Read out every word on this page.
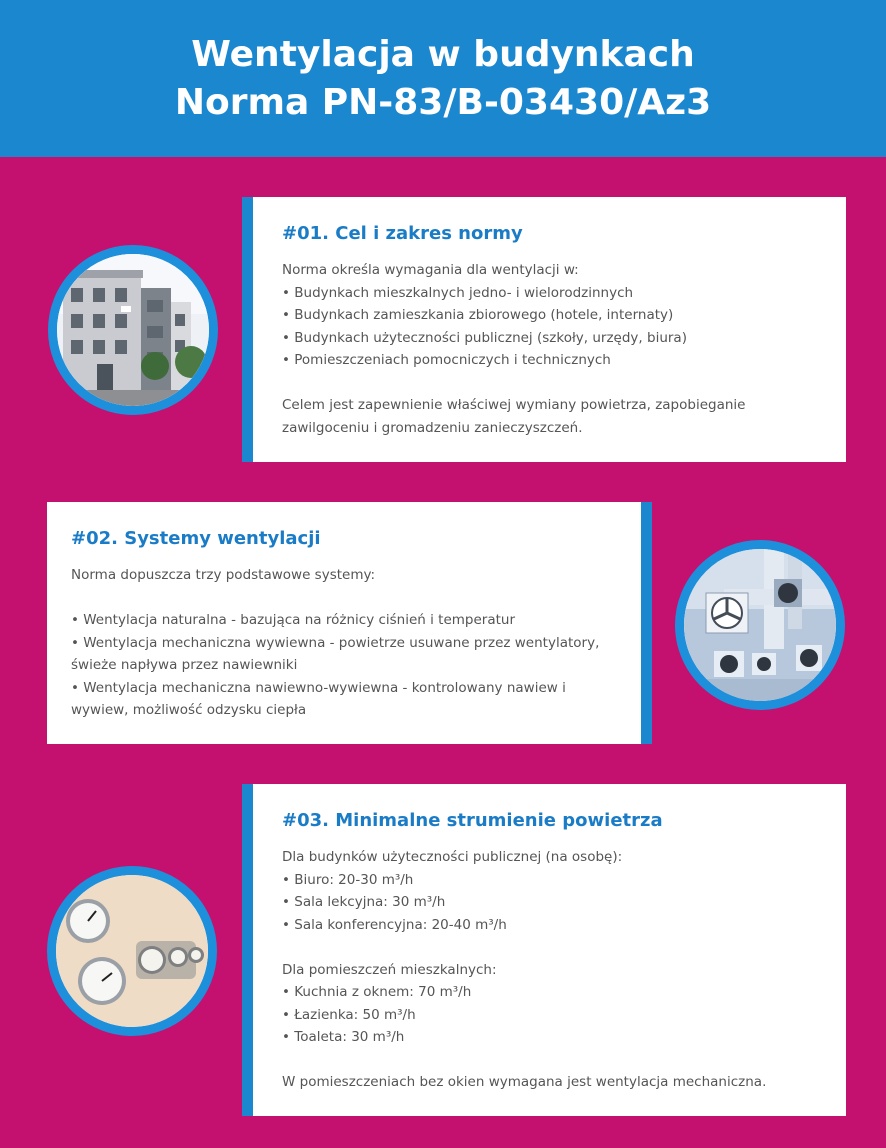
Wentylacja w budynkach
Norma PN-83/B-03430/Az3
#01. Cel i zakres normy

Norma określa wymagania dla wentylacji w:

• Budynkach mieszkalnych jedno- i wielorodzinnych

• Budynkach zamieszkania zbiorowego (hotele, internaty)

• Budynkach użyteczności publicznej (szkoły, urzędy, biura)

• Pomieszczeniach pomocniczych i technicznych

Celem jest zapewnienie właściwej wymiany powietrza, zapobieganie

zawilgoceniu i gromadzeniu zanieczyszczeń.

#02. Systemy wentylacji

Norma dopuszcza trzy podstawowe systemy:

• Wentylacja naturalna - bazująca na różnicy ciśnień i temperatur

• Wentylacja mechaniczna wywiewna - powietrze usuwane przez wentylatory,

świeże napływa przez nawiewniki

• Wentylacja mechaniczna nawiewno-wywiewna - kontrolowany nawiew i

wywiew, możliwość odzysku ciepła

#03. Minimalne strumienie powietrza

Dla budynków użyteczności publicznej (na osobę):

• Biuro: 20-30 m³/h

• Sala lekcyjna: 30 m³/h

• Sala konferencyjna: 20-40 m³/h

Dla pomieszczeń mieszkalnych:

• Kuchnia z oknem: 70 m³/h

• Łazienka: 50 m³/h

• Toaleta: 30 m³/h

W pomieszczeniach bez okien wymagana jest wentylacja mechaniczna.
